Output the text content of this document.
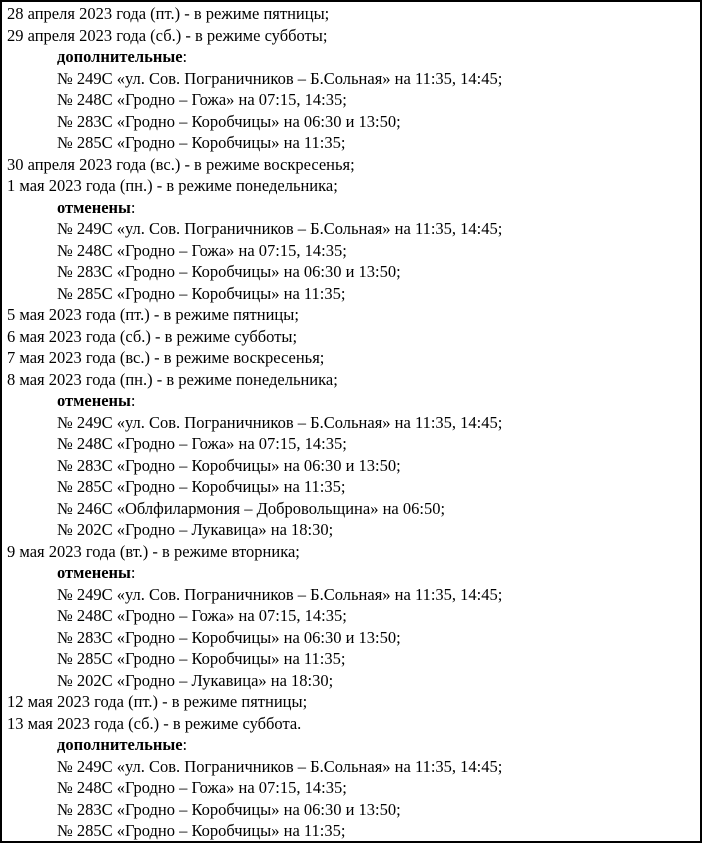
28 апреля 2023 года (пт.) - в режиме пятницы;
29 апреля 2023 года (сб.) - в режиме субботы;
дополнительные:
№ 249С «ул. Сов. Пограничников – Б.Сольная» на 11:35, 14:45;
№ 248С «Гродно – Гожа» на 07:15, 14:35;
№ 283С «Гродно – Коробчицы» на 06:30 и 13:50;
№ 285С «Гродно – Коробчицы» на 11:35;
30 апреля 2023 года (вс.) - в режиме воскресенья;
1 мая 2023 года (пн.) - в режиме понедельника;
отменены:
№ 249С «ул. Сов. Пограничников – Б.Сольная» на 11:35, 14:45;
№ 248С «Гродно – Гожа» на 07:15, 14:35;
№ 283С «Гродно – Коробчицы» на 06:30 и 13:50;
№ 285С «Гродно – Коробчицы» на 11:35;
5 мая 2023 года (пт.) - в режиме пятницы;
6 мая 2023 года (сб.) - в режиме субботы;
7 мая 2023 года (вс.) - в режиме воскресенья;
8 мая 2023 года (пн.) - в режиме понедельника;
отменены:
№ 249С «ул. Сов. Пограничников – Б.Сольная» на 11:35, 14:45;
№ 248С «Гродно – Гожа» на 07:15, 14:35;
№ 283С «Гродно – Коробчицы» на 06:30 и 13:50;
№ 285С «Гродно – Коробчицы» на 11:35;
№ 246С «Облфилармония – Добровольщина» на 06:50;
№ 202С «Гродно – Лукавица» на 18:30;
9 мая 2023 года (вт.) - в режиме вторника;
отменены:
№ 249С «ул. Сов. Пограничников – Б.Сольная» на 11:35, 14:45;
№ 248С «Гродно – Гожа» на 07:15, 14:35;
№ 283С «Гродно – Коробчицы» на 06:30 и 13:50;
№ 285С «Гродно – Коробчицы» на 11:35;
№ 202С «Гродно – Лукавица» на 18:30;
12 мая 2023 года (пт.) - в режиме пятницы;
13 мая 2023 года (сб.) - в режиме суббота.
дополнительные:
№ 249С «ул. Сов. Пограничников – Б.Сольная» на 11:35, 14:45;
№ 248С «Гродно – Гожа» на 07:15, 14:35;
№ 283С «Гродно – Коробчицы» на 06:30 и 13:50;
№ 285С «Гродно – Коробчицы» на 11:35;
